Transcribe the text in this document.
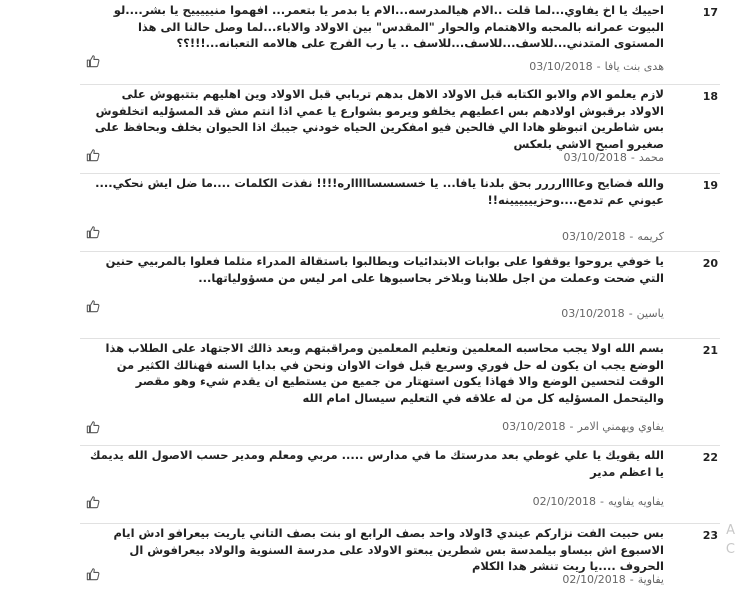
17
احييك يا اخ يفاوي...لما قلت ..الام هيالمدرسه...الام يا بدمر يا بتعمر... افهموا منيييييح يا بشر....لو البيوت عمرانه بالمحبه والاهتمام والحوار "المقدس" بين الاولاد والاباء...لما وصل حالنا الى هذا المستوى المتدني...للاسف...للاسف...للاسف .. يا رب الفرج على هالامه التعبانه...!!!؟؟
هدى بنت يافا-03/10/2018
18
لازم يعلمو الام والابو الكتابه قبل الاولاد الاهل بدهم تربابي قبل الاولاد وين اهليهم بتتبهوش على الاولاد برقبوش اولادهم بس اعطيهم يخلفو ويرمو بشوارع يا عمي اذا انتم مش قد المسؤليه اتخلفوش بس شاطرين اتبوظو هادا الي فالحين فيو امفكرين الحياه خودني جيبك اذا الحيوان بخلف وبحافظ على صغيرو اصبح الاشي بلعكس
محمد-03/10/2018
19
والله فضايح وعاااارررر بحق بلدنا يافا... يا خسسسساااااره!!!! نفذت الكلمات ....ما ضل ايش نحكي.... عيوني عم تدمع....وحزيييييينه!!
كريمه-03/10/2018
20
يا خوفي يروحوا يوقفوا على بوابات الابتدائيات ويطالبوا باستقالة المدراء مثلما فعلوا بالمربيي حنين التي ضحت وعملت من اجل طلابنا وبلاخر بحاسبوها على امر ليس من مسؤولياتها...
ياسين-03/10/2018
21
بسم الله اولا يجب محاسبه المعلمين وتعليم المعلمين ومراقبتهم وبعد ذالك الاجتهاد على الطلاب هذا الوضع يجب ان يكون له حل فوري وسريع قبل فوات الاوان ونحن في بدايا السنه فهنالك الكثير من الوقت لتحسين الوضع والا فهاذا يكون استهتار من جميع من يستطيع ان يقدم شيء وهو مقصر واليتحمل المسؤليه كل من له علاقه في التعليم سيسال امام الله
يفاوي ويهمني الامر-03/10/2018
22
الله يقويك يا علي غوطي بعد مدرستك ما في مدارس ..... مربي ومعلم ومدير حسب الاصول الله يديمك يا اعظم مدير
يفاويه يفاويه-02/10/2018
23
بس حبيت الفت نزاركم عيندي 3اولاد واحد بصف الرابع او بنت بصف التاني ياريت بيعرافو ادش ايام الاسبوع اش بيساو بيلمدسة بس شطرين يبعتو الاولاد على مدرسة السنوية والولاد بيعرافوش ال الحروف ....يا ريت تنشر هدا الكلام
يفاوية-02/10/2018
A
C
